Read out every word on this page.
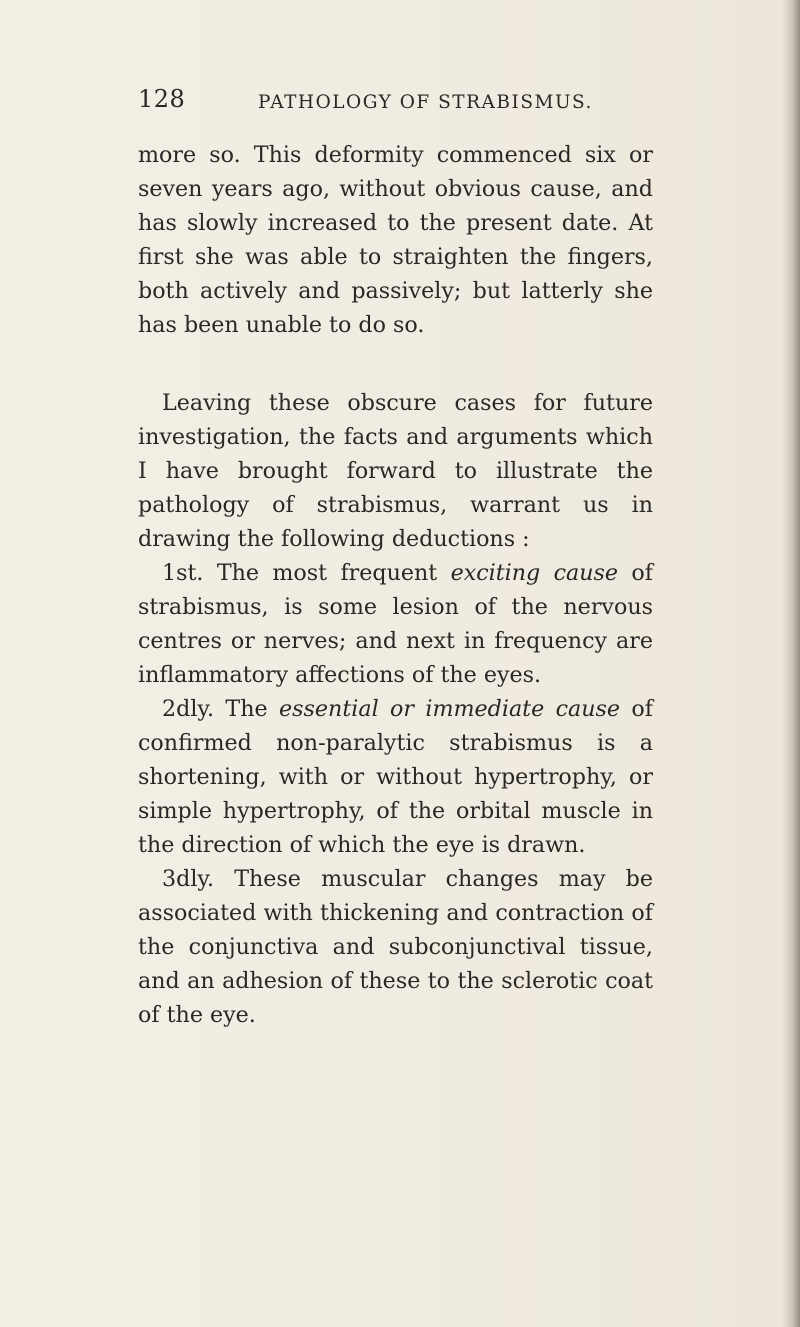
128	PATHOLOGY OF STRABISMUS.

more so. This deformity commenced six or seven years ago, without obvious cause, and has slowly increased to the present date. At first she was able to straighten the fingers, both actively and passively; but latterly she has been unable to do so.

Leaving these obscure cases for future investigation, the facts and arguments which I have brought forward to illustrate the pathology of strabismus, warrant us in drawing the following deductions :

1st. The most frequent exciting cause of strabismus, is some lesion of the nervous centres or nerves; and next in frequency are inflammatory affections of the eyes.

2dly. The essential or immediate cause of confirmed non-paralytic strabismus is a shortening, with or without hypertrophy, or simple hypertrophy, of the orbital muscle in the direction of which the eye is drawn.

3dly. These muscular changes may be associated with thickening and contraction of the conjunctiva and subconjunctival tissue, and an adhesion of these to the sclerotic coat of the eye.
